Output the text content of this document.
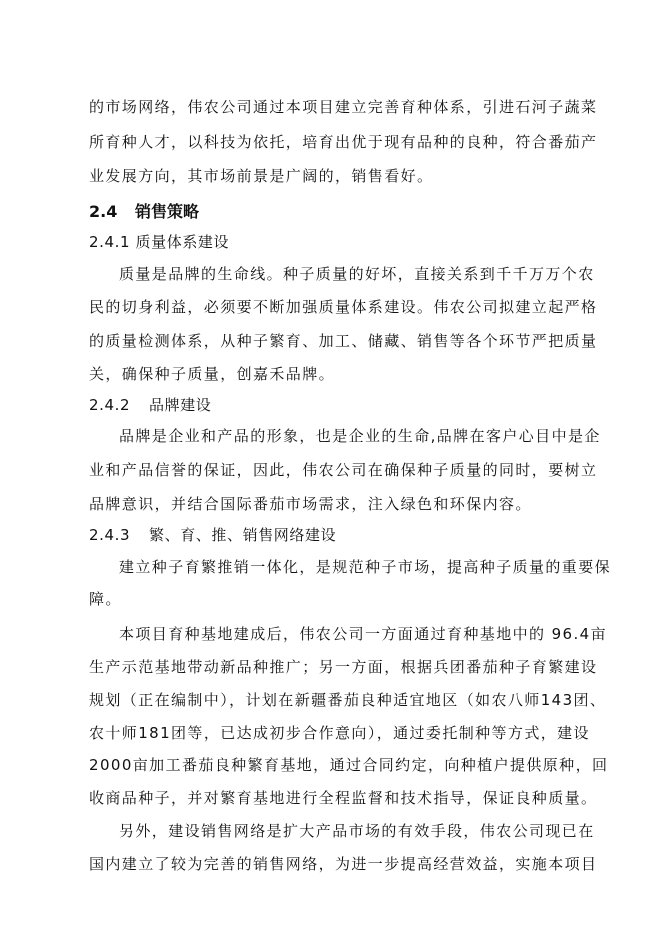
的市场网络，伟农公司通过本项目建立完善育种体系，引进石河子蔬菜
所育种人才，以科技为依托，培育出优于现有品种的良种，符合番茄产
业发展方向，其市场前景是广阔的，销售看好。
2.4 销售策略
2.4.1 质量体系建设
质量是品牌的生命线。种子质量的好坏，直接关系到千千万万个农
民的切身利益，必须要不断加强质量体系建设。伟农公司拟建立起严格
的质量检测体系，从种子繁育、加工、储藏、销售等各个环节严把质量
关，确保种子质量，创嘉禾品牌。
2.4.2 品牌建设
品牌是企业和产品的形象，也是企业的生命,品牌在客户心目中是企
业和产品信誉的保证，因此，伟农公司在确保种子质量的同时，要树立
品牌意识，并结合国际番茄市场需求，注入绿色和环保内容。
2.4.3 繁、育、推、销售网络建设
建立种子育繁推销一体化，是规范种子市场，提高种子质量的重要保
障。
本项目育种基地建成后，伟农公司一方面通过育种基地中的 96.4亩
生产示范基地带动新品种推广；另一方面，根据兵团番茄种子育繁建设
规划（正在编制中），计划在新疆番茄良种适宜地区（如农八师143团、
农十师181团等，已达成初步合作意向），通过委托制种等方式，建设
2000亩加工番茄良种繁育基地，通过合同约定，向种植户提供原种，回
收商品种子，并对繁育基地进行全程监督和技术指导，保证良种质量。
另外，建设销售网络是扩大产品市场的有效手段，伟农公司现已在
国内建立了较为完善的销售网络，为进一步提高经营效益，实施本项目
